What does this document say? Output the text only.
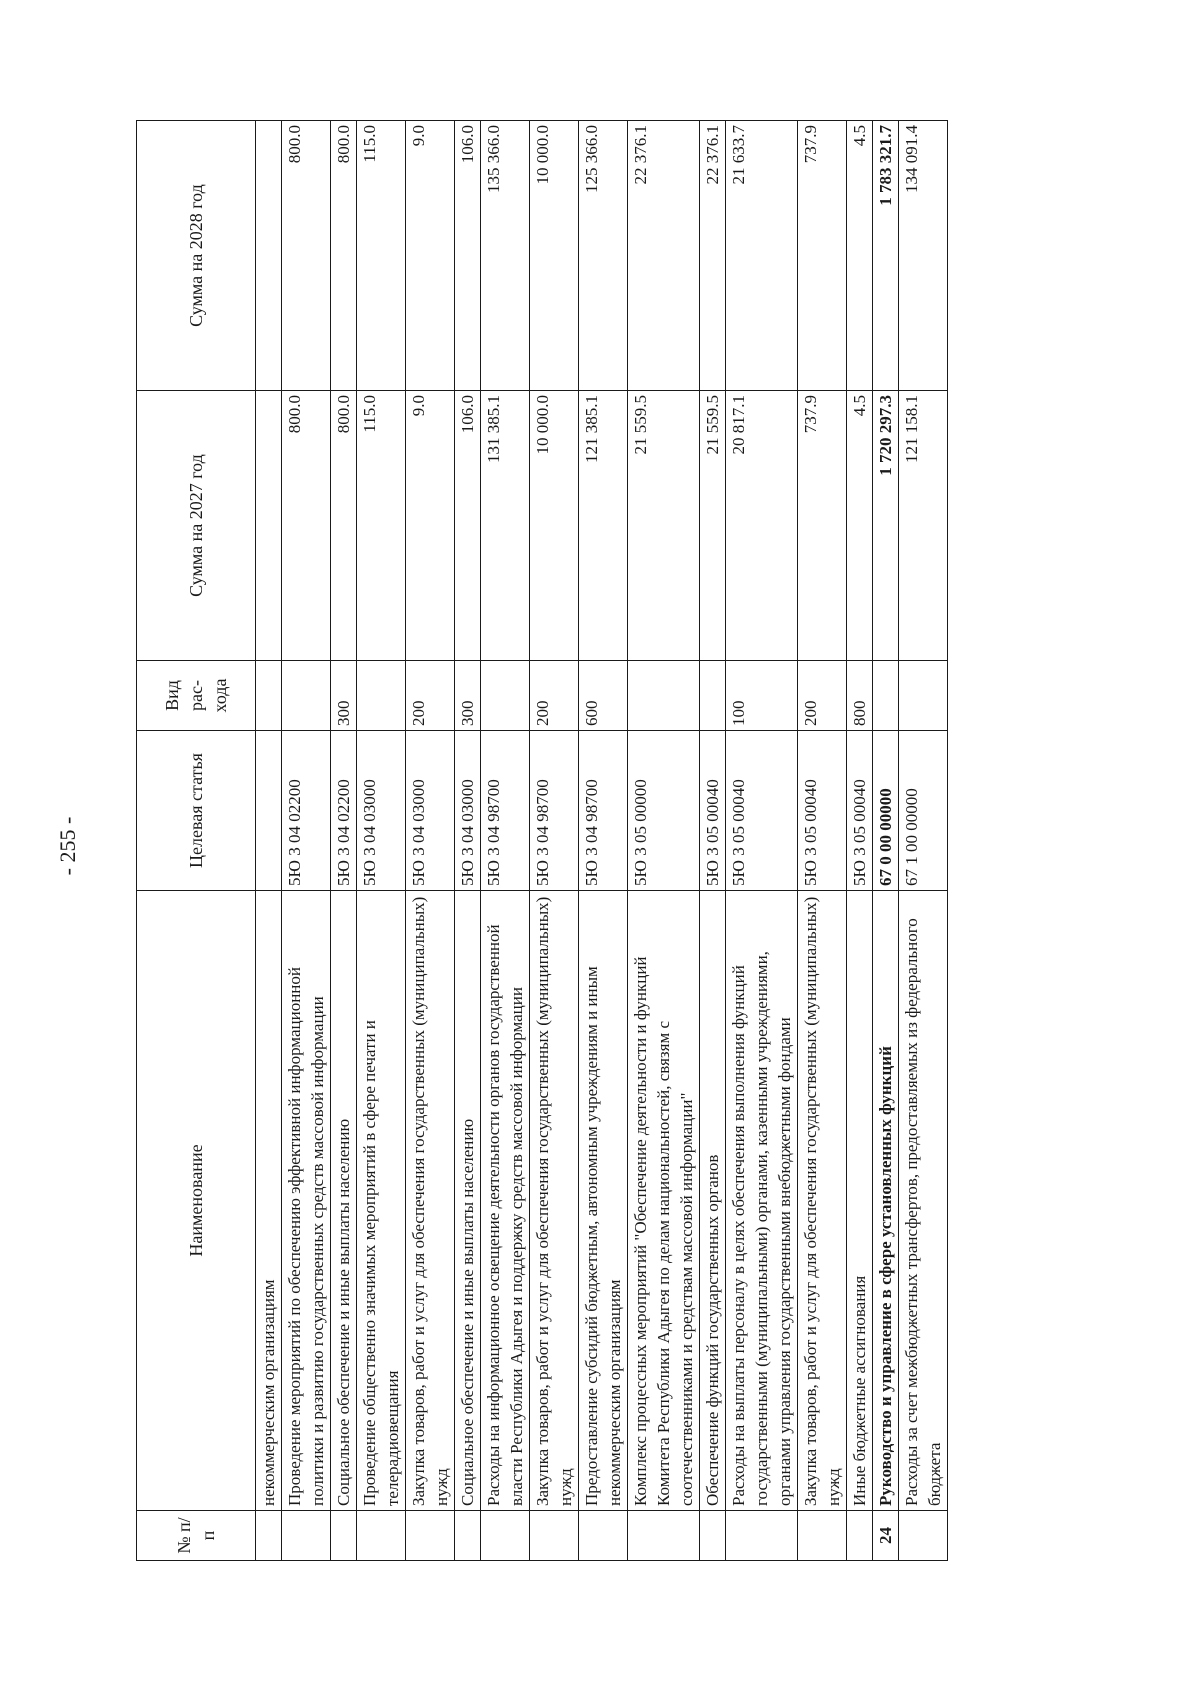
- 255 -
№ п/п	Наименование	Целевая статья	Вид рас- хода	Сумма на 2027 год	Сумма на 2028 год
	некоммерческим организациям				
	Проведение мероприятий по обеспечению эффективной информационной политики и развитию государственных средств массовой информации	5Ю 3 04 02200		800.0	800.0
	Социальное обеспечение и иные выплаты населению	5Ю 3 04 02200	300	800.0	800.0
	Проведение общественно значимых мероприятий в сфере печати и телерадиовещания	5Ю 3 04 03000		115.0	115.0
	Закупка товаров, работ и услуг для обеспечения государственных (муниципальных) нужд	5Ю 3 04 03000	200	9.0	9.0
	Социальное обеспечение и иные выплаты населению	5Ю 3 04 03000	300	106.0	106.0
	Расходы на информационное освещение деятельности органов государственной власти Республики Адыгея и поддержку средств массовой информации	5Ю 3 04 98700		131 385.1	135 366.0
	Закупка товаров, работ и услуг для обеспечения государственных (муниципальных) нужд	5Ю 3 04 98700	200	10 000.0	10 000.0
	Предоставление субсидий бюджетным, автономным учреждениям и иным некоммерческим организациям	5Ю 3 04 98700	600	121 385.1	125 366.0
	Комплекс процессных мероприятий "Обеспечение деятельности и функций Комитета Республики Адыгея по делам национальностей, связям с соотечественниками и средствам массовой информации"	5Ю 3 05 00000		21 559.5	22 376.1
	Обеспечение функций государственных органов	5Ю 3 05 00040		21 559.5	22 376.1
	Расходы на выплаты персоналу в целях обеспечения выполнения функций государственными (муниципальными) органами, казенными учреждениями, органами управления государственными внебюджетными фондами	5Ю 3 05 00040	100	20 817.1	21 633.7
	Закупка товаров, работ и услуг для обеспечения государственных (муниципальных) нужд	5Ю 3 05 00040	200	737.9	737.9
	Иные бюджетные ассигнования	5Ю 3 05 00040	800	4.5	4.5
24	Руководство и управление в сфере установленных функций	67 0 00 00000		1 720 297.3	1 783 321.7
	Расходы за счет межбюджетных трансфертов, предоставляемых из федерального бюджета	67 1 00 00000		121 158.1	134 091.4
